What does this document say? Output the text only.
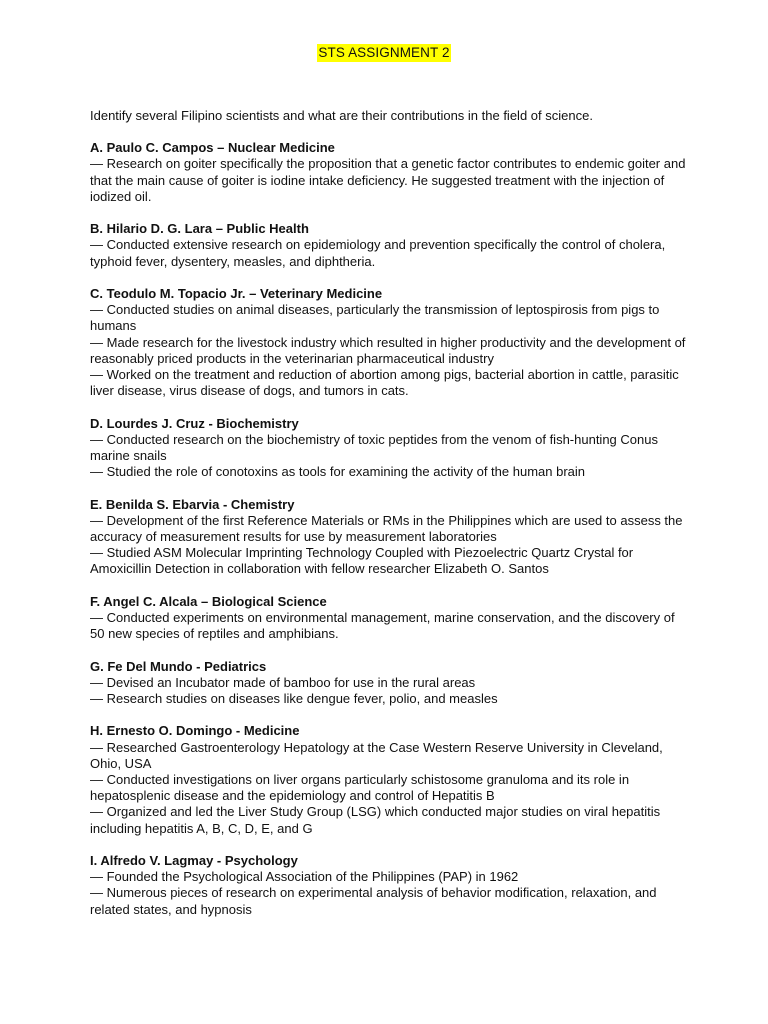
STS ASSIGNMENT 2
Identify several Filipino scientists and what are their contributions in the field of science.
A. Paulo C. Campos – Nuclear Medicine
— Research on goiter specifically the proposition that a genetic factor contributes to endemic goiter and that the main cause of goiter is iodine intake deficiency. He suggested treatment with the injection of iodized oil.
B. Hilario D. G. Lara – Public Health
— Conducted extensive research on epidemiology and prevention specifically the control of cholera, typhoid fever, dysentery, measles, and diphtheria.
C. Teodulo M. Topacio Jr. – Veterinary Medicine
— Conducted studies on animal diseases, particularly the transmission of leptospirosis from pigs to humans
— Made research for the livestock industry which resulted in higher productivity and the development of reasonably priced products in the veterinarian pharmaceutical industry
— Worked on the treatment and reduction of abortion among pigs, bacterial abortion in cattle, parasitic liver disease, virus disease of dogs, and tumors in cats.
D. Lourdes J. Cruz - Biochemistry
— Conducted research on the biochemistry of toxic peptides from the venom of fish-hunting Conus marine snails
— Studied the role of conotoxins as tools for examining the activity of the human brain
E. Benilda S. Ebarvia - Chemistry
— Development of the first Reference Materials or RMs in the Philippines which are used to assess the accuracy of measurement results for use by measurement laboratories
— Studied ASM Molecular Imprinting Technology Coupled with Piezoelectric Quartz Crystal for Amoxicillin Detection in collaboration with fellow researcher Elizabeth O. Santos
F. Angel C. Alcala – Biological Science
— Conducted experiments on environmental management, marine conservation, and the discovery of 50 new species of reptiles and amphibians.
G. Fe Del Mundo - Pediatrics
— Devised an Incubator made of bamboo for use in the rural areas
— Research studies on diseases like dengue fever, polio, and measles
H. Ernesto O. Domingo - Medicine
— Researched Gastroenterology Hepatology at the Case Western Reserve University in Cleveland, Ohio, USA
— Conducted investigations on liver organs particularly schistosome granuloma and its role in hepatosplenic disease and the epidemiology and control of Hepatitis B
— Organized and led the Liver Study Group (LSG) which conducted major studies on viral hepatitis including hepatitis A, B, C, D, E, and G
I. Alfredo V. Lagmay - Psychology
— Founded the Psychological Association of the Philippines (PAP) in 1962
— Numerous pieces of research on experimental analysis of behavior modification, relaxation, and related states, and hypnosis
